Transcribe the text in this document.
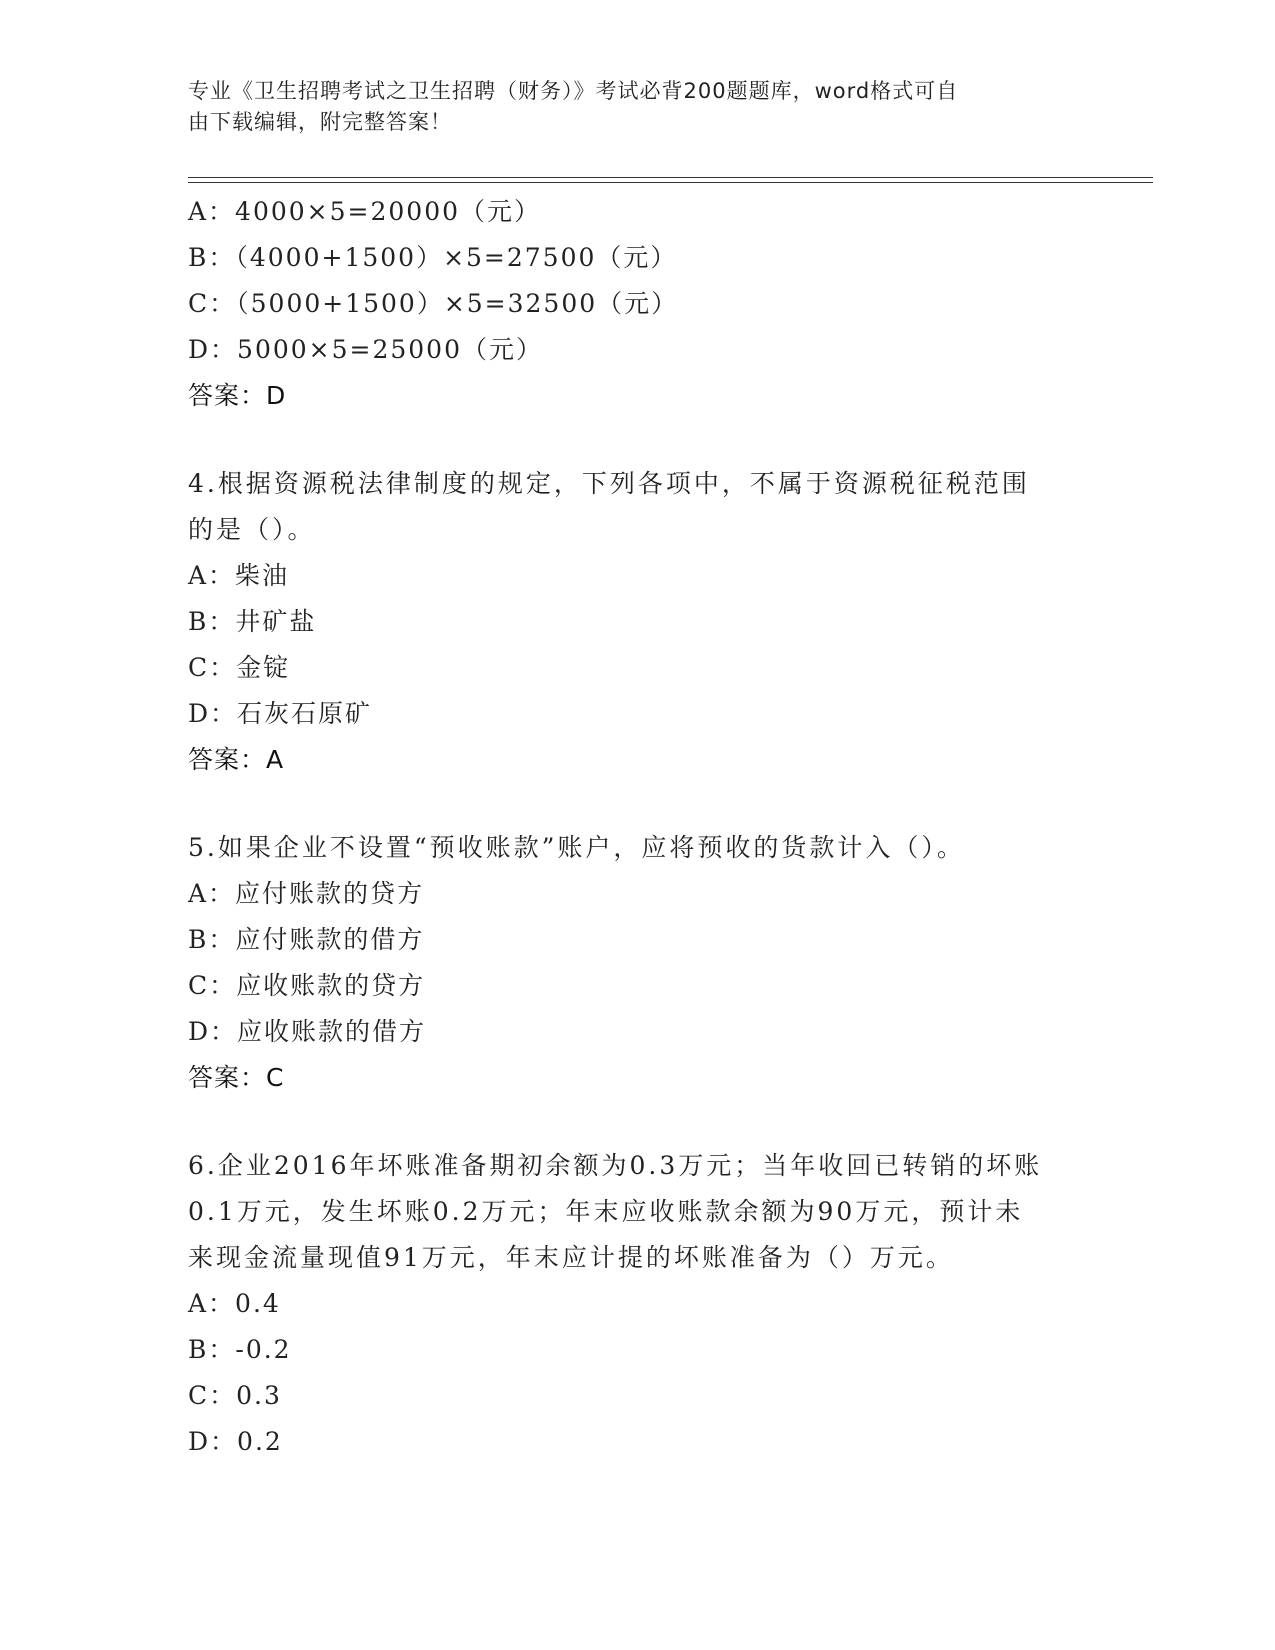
专业《卫生招聘考试之卫生招聘（财务）》考试必背200题题库，word格式可自
由下载编辑，附完整答案！
A：4000×5=20000（元）
B：（4000+1500）×5=27500（元）
C：（5000+1500）×5=32500（元）
D：5000×5=25000（元）
答案：D
4.根据资源税法律制度的规定，下列各项中，不属于资源税征税范围
的是（）。
A：柴油
B：井矿盐
C：金锭
D：石灰石原矿
答案：A
5.如果企业不设置“预收账款”账户，应将预收的货款计入（）。
A：应付账款的贷方
B：应付账款的借方
C：应收账款的贷方
D：应收账款的借方
答案：C
6.企业2016年坏账准备期初余额为0.3万元；当年收回已转销的坏账
0.1万元，发生坏账0.2万元；年末应收账款余额为90万元，预计未
来现金流量现值91万元，年末应计提的坏账准备为（）万元。
A：0.4
B：-0.2
C：0.3
D：0.2
